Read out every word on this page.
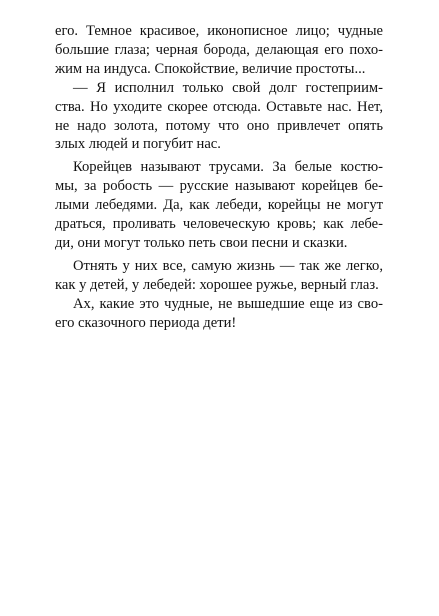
его. Темное красивое, иконописное лицо; чудные

большие глаза; черная борода, делающая его похо-

жим на индуса. Спокойствие, величие простоты...

— Я исполнил только свой долг гостеприим-

ства. Но уходите скорее отсюда. Оставьте нас. Нет,

не надо золота, потому что оно привлечет опять

злых людей и погубит нас.

Корейцев называют трусами. За белые костю-

мы, за робость — русские называют корейцев бе-

лыми лебедями. Да, как лебеди, корейцы не могут

драться, проливать человеческую кровь; как лебе-

ди, они могут только петь свои песни и сказки.

Отнять у них все, самую жизнь — так же легко,

как у детей, у лебедей: хорошее ружье, верный глаз.

Ах, какие это чудные, не вышедшие еще из сво-

его сказочного периода дети!
